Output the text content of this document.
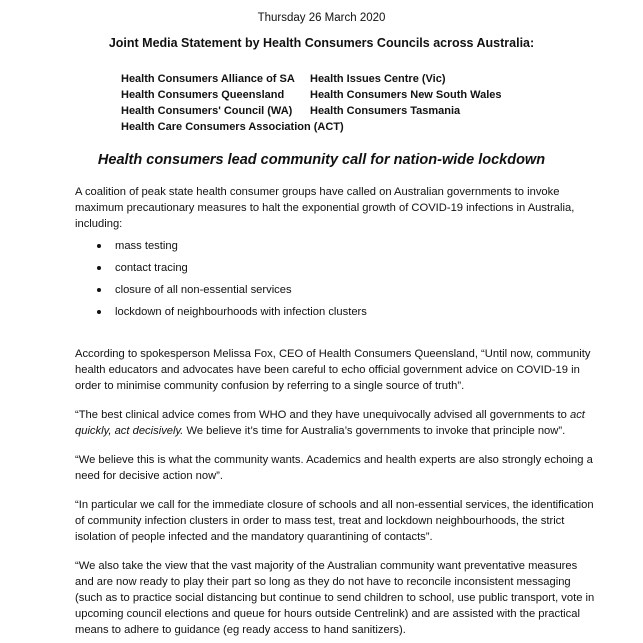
Thursday 26 March 2020
Joint Media Statement by Health Consumers Councils across Australia:
Health Consumers Alliance of SA
Health Consumers Queensland
Health Consumers' Council (WA)
Health Care Consumers Association (ACT)
Health Issues Centre (Vic)
Health Consumers New South Wales
Health Consumers Tasmania
Health consumers lead community call for nation-wide lockdown

A coalition of peak state health consumer groups have called on Australian governments to invoke maximum precautionary measures to halt the exponential growth of COVID-19 infections in Australia, including:

mass testing
contact tracing
closure of all non-essential services
lockdown of neighbourhoods with infection clusters

According to spokesperson Melissa Fox, CEO of Health Consumers Queensland, “Until now, community health educators and advocates have been careful to echo official government advice on COVID-19 in order to minimise community confusion by referring to a single source of truth”.

“The best clinical advice comes from WHO and they have unequivocally advised all governments to act quickly, act decisively. We believe it’s time for Australia’s governments to invoke that principle now”.

“We believe this is what the community wants. Academics and health experts are also strongly echoing a need for decisive action now”.

“In particular we call for the immediate closure of schools and all non-essential services, the identification of community infection clusters in order to mass test, treat and lockdown neighbourhoods, the strict isolation of people infected and the mandatory quarantining of contacts”.

“We also take the view that the vast majority of the Australian community want preventative measures and are now ready to play their part so long as they do not have to reconcile inconsistent messaging (such as to practice social distancing but continue to send children to school, use public transport, vote in upcoming council elections and queue for hours outside Centrelink) and are assisted with the practical means to adhere to guidance (eg ready access to hand sanitizers).
